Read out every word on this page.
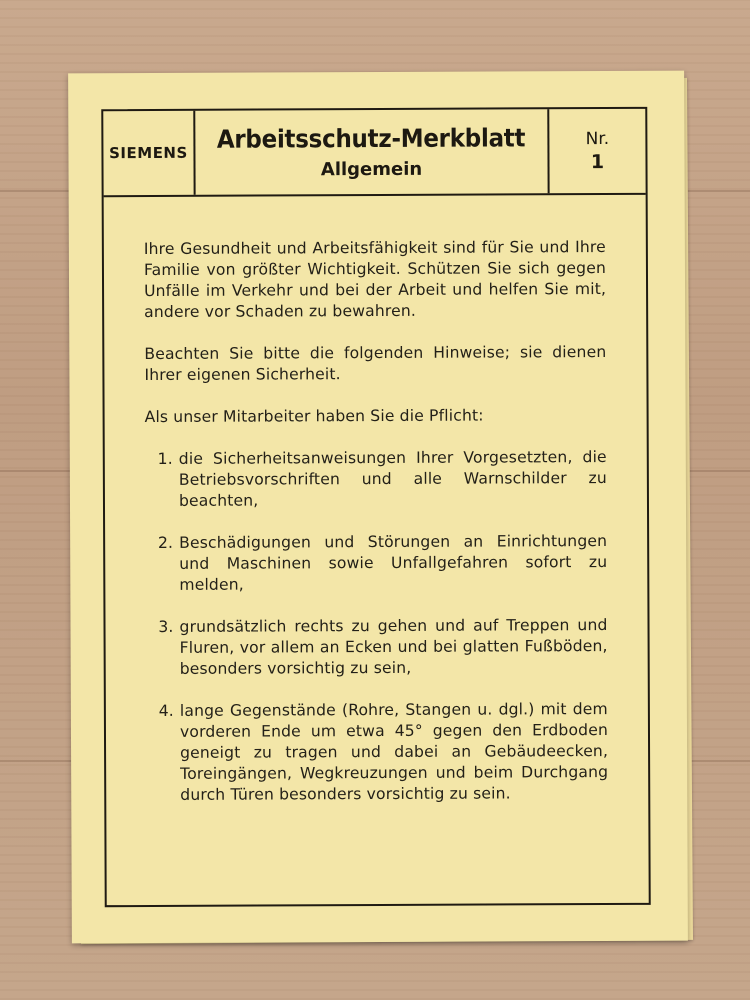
SIEMENS Arbeitsschutz-Merkblatt
Allgemein
Nr.
1

Ihre Gesundheit und Arbeitsfähigkeit sind für Sie und Ihre Familie von größter Wichtigkeit. Schützen Sie sich gegen Unfälle im Verkehr und bei der Arbeit und helfen Sie mit, andere vor Schaden zu bewahren.

Beachten Sie bitte die folgenden Hinweise; sie dienen Ihrer eigenen Sicherheit.

Als unser Mitarbeiter haben Sie die Pflicht:

1. die Sicherheitsanweisungen Ihrer Vorgesetzten, die Betriebsvorschriften und alle Warnschilder zu beachten,
2. Beschädigungen und Störungen an Einrichtungen und Maschinen sowie Unfallgefahren sofort zu melden,
3. grundsätzlich rechts zu gehen und auf Treppen und Fluren, vor allem an Ecken und bei glatten Fußböden, besonders vorsichtig zu sein,
4. lange Gegenstände (Rohre, Stangen u. dgl.) mit dem vorderen Ende um etwa 45° gegen den Erdboden geneigt zu tragen und dabei an Gebäudeecken, Toreingängen, Wegkreuzungen und beim Durchgang durch Türen besonders vorsichtig zu sein.
